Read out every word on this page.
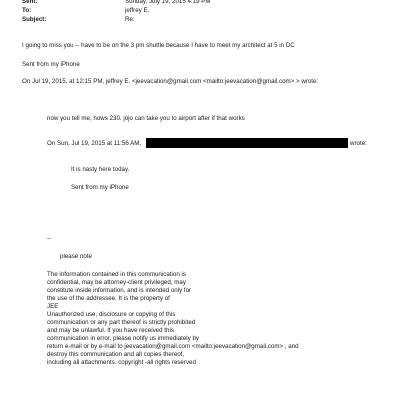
Sent:	Sunday, July 19, 2015 4:19 PM
To:	jeffrey E.
Subject:	Re:
I going to miss you -- have to be on the 3 pm shuttle because I have to meet my architect at 5 in DC
Sent from my iPhone
On Jul 19, 2015, at 12:15 PM, jeffrey E. <jeevacation@gmail.com <mailto:jeevacation@gmail.com> > wrote:
now you tell me, hows 230. jojo can take you to airport after if that works
On Sun, Jul 19, 2015 at 11:56 AM,	wrote:
It is nasty here today.
Sent from my iPhone
--
please note
The information contained in this communication is
confidential, may be attorney-client privileged, may
constitute inside information, and is intended only for
the use of the addressee. It is the property of
JEE
Unauthorized use, disclosure or copying of this
communication or any part thereof is strictly prohibited
and may be unlawful. If you have received this
communication in error, please notify us immediately by
return e-mail or by e-mail to jeevacation@gmail.com <mailto:jeevacation@gmail.com> , and
destroy this communication and all copies thereof,
including all attachments. copyright -all rights reserved
